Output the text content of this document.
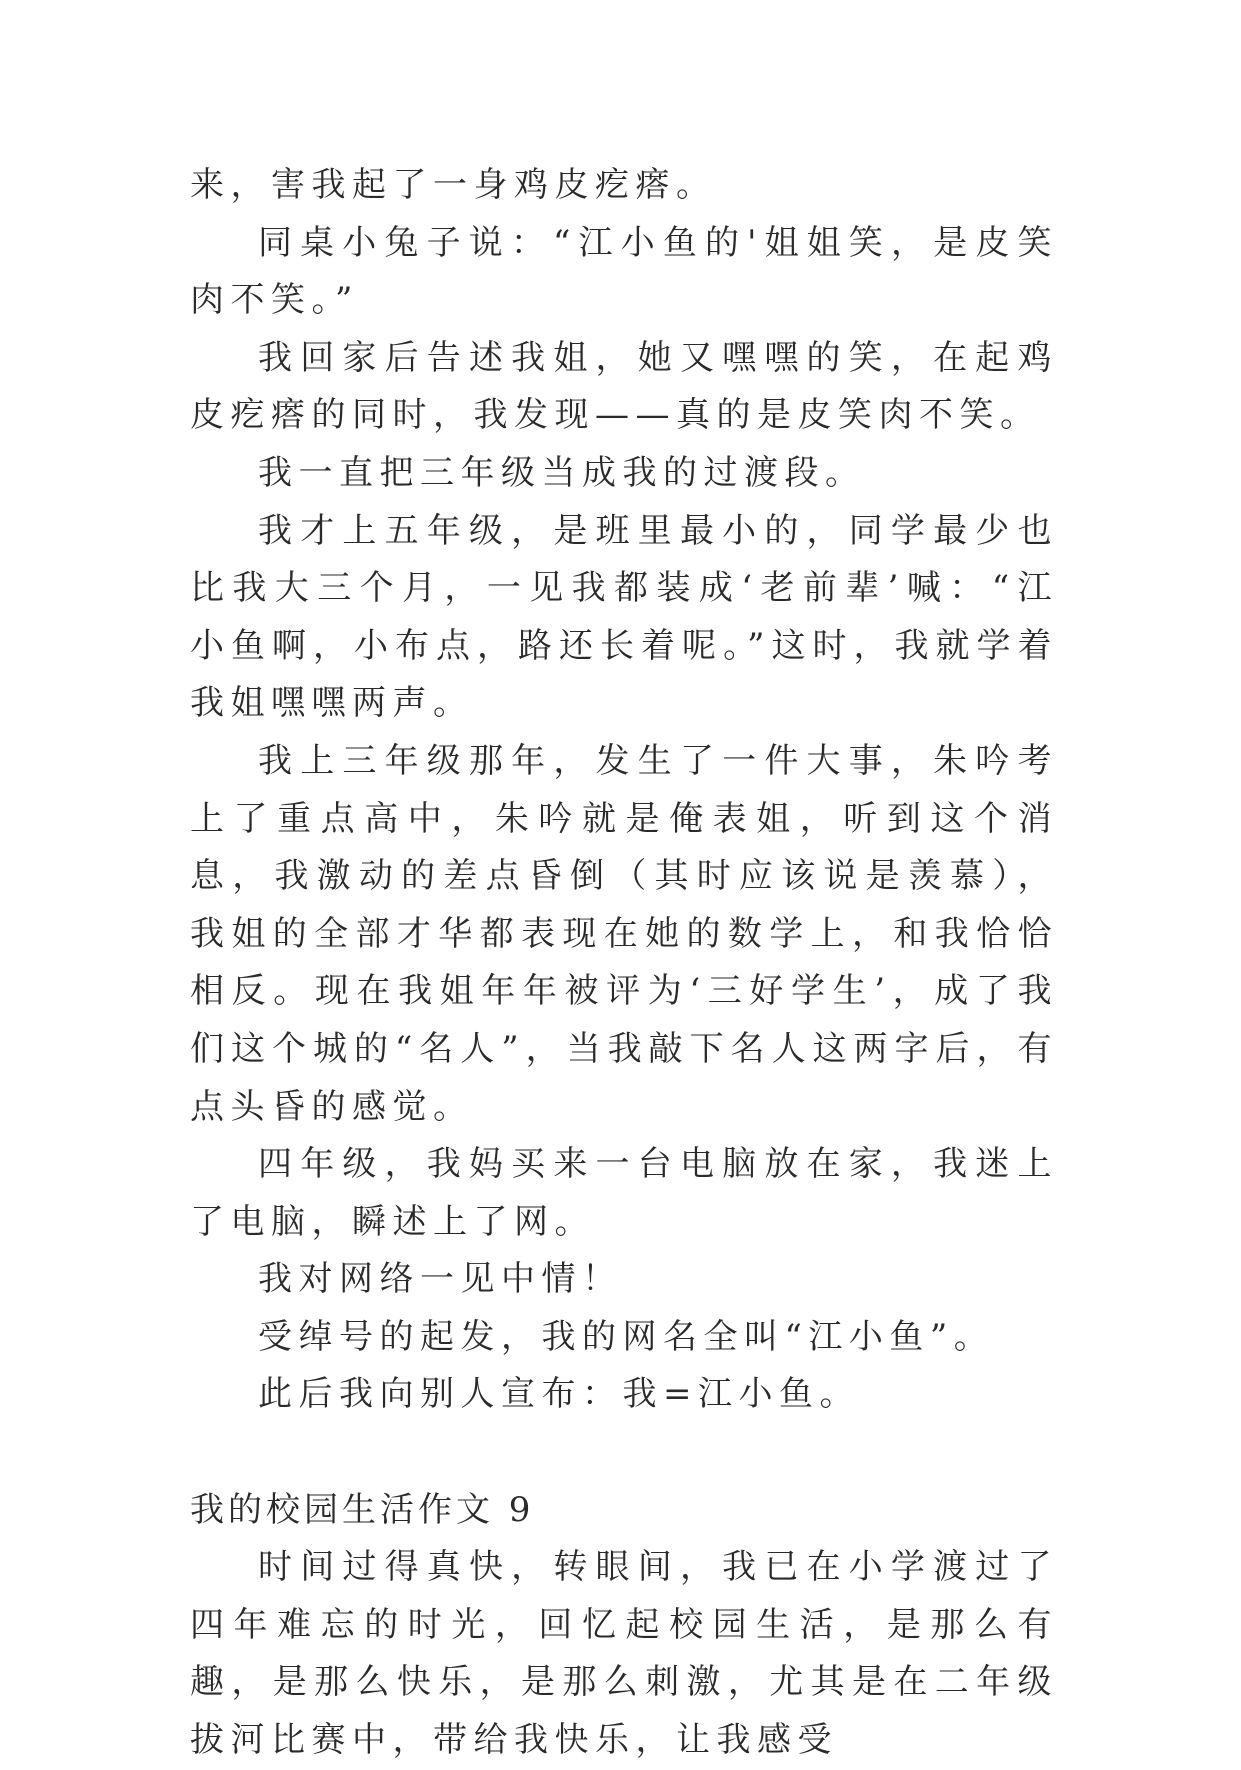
来，害我起了一身鸡皮疙瘩。

同桌小兔子说：“江小鱼的'姐姐笑，是皮笑肉不笑。”

我回家后告述我姐，她又嘿嘿的笑，在起鸡皮疙瘩的同时，我发现——真的是皮笑肉不笑。

我一直把三年级当成我的过渡段。

我才上五年级，是班里最小的，同学最少也比我大三个月，一见我都装成‘老前辈’喊：“江小鱼啊，小布点，路还长着呢。”这时，我就学着我姐嘿嘿两声。

我上三年级那年，发生了一件大事，朱吟考上了重点高中，朱吟就是俺表姐，听到这个消息，我激动的差点昏倒（其时应该说是羡慕），我姐的全部才华都表现在她的数学上，和我恰恰相反。现在我姐年年被评为‘三好学生’，成了我们这个城的“名人”，当我敲下名人这两字后，有点头昏的感觉。

四年级，我妈买来一台电脑放在家，我迷上了电脑，瞬述上了网。

我对网络一见中情！

受绰号的起发，我的网名全叫“江小鱼”。

此后我向别人宣布：我=江小鱼。

我的校园生活作文 9

时间过得真快，转眼间，我已在小学渡过了四年难忘的时光，回忆起校园生活，是那么有趣，是那么快乐，是那么刺激，尤其是在二年级拔河比赛中，带给我快乐，让我感受
